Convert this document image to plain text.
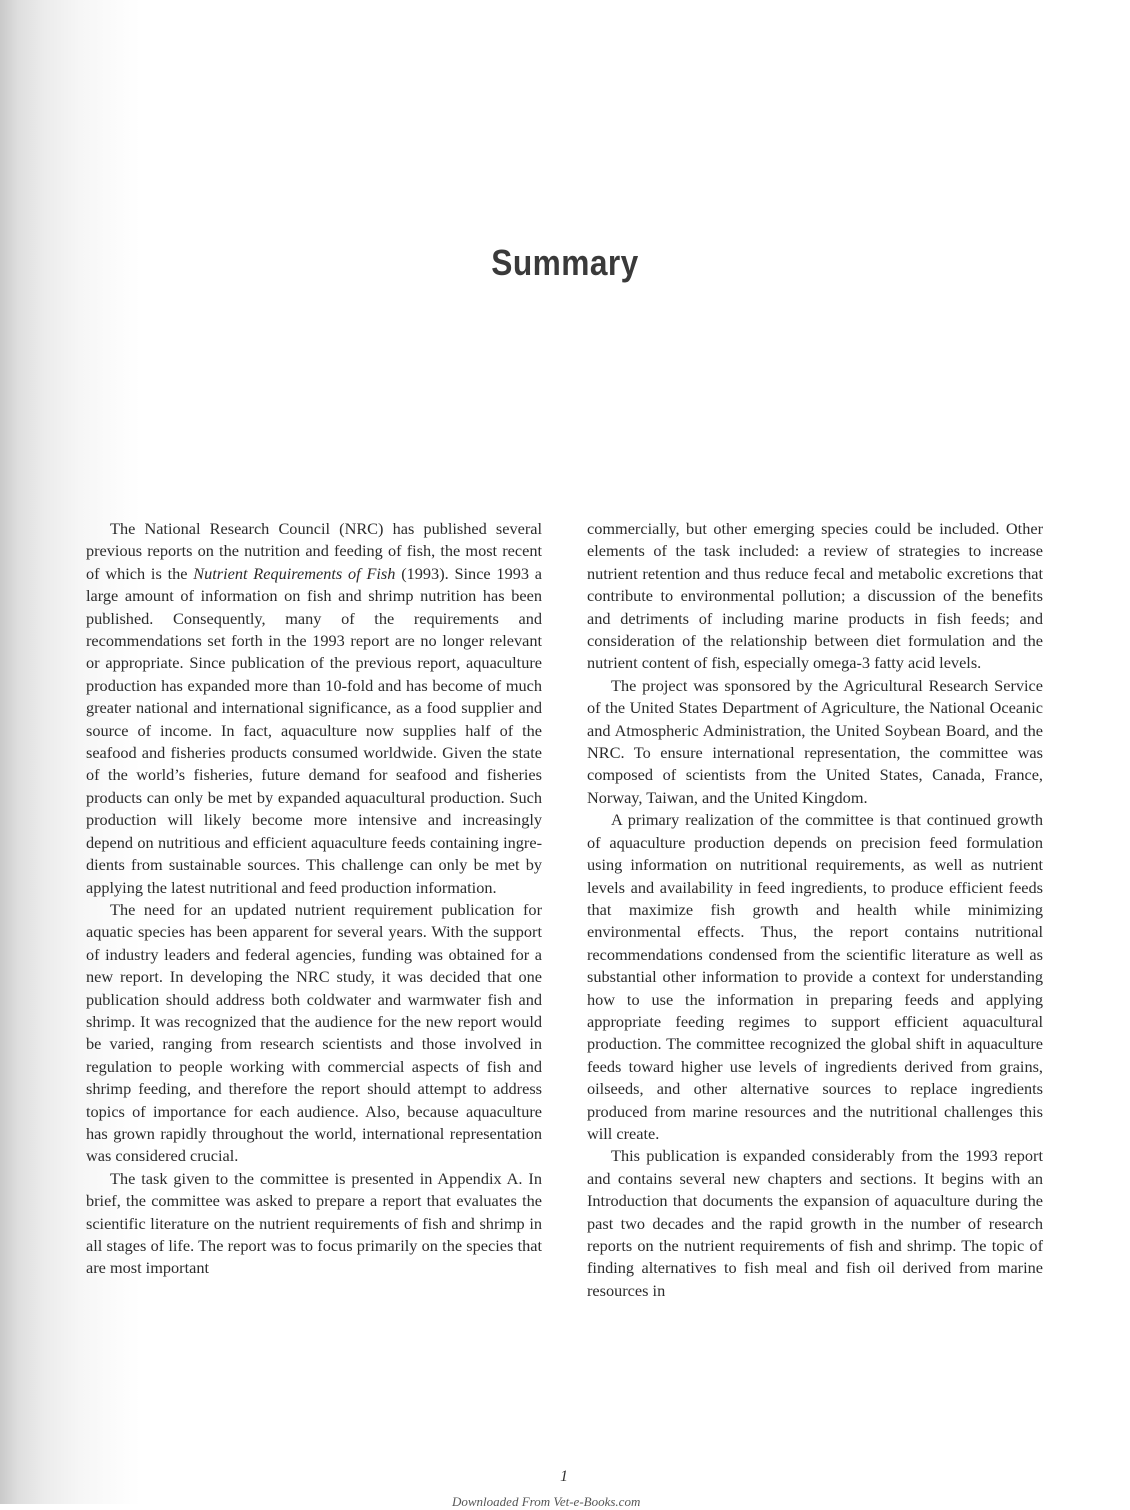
Summary

The National Research Council (NRC) has published several previous reports on the nutrition and feeding of fish, the most recent of which is the Nutrient Requirements of Fish (1993). Since 1993 a large amount of information on fish and shrimp nutrition has been published. Consequently, many of the requirements and recommendations set forth in the 1993 report are no longer relevant or appropriate. Since publication of the previous report, aquaculture production has expanded more than 10-fold and has become of much greater national and international significance, as a food supplier and source of income. In fact, aquaculture now supplies half of the seafood and fisheries products consumed worldwide. Given the state of the world’s fisheries, future demand for seafood and fisheries products can only be met by expanded aquacultural production. Such production will likely become more intensive and increasingly depend on nutritious and efficient aquaculture feeds containing ingredients from sustainable sources. This challenge can only be met by applying the latest nutritional and feed production information.

The need for an updated nutrient requirement publication for aquatic species has been apparent for several years. With the support of industry leaders and federal agencies, funding was obtained for a new report. In developing the NRC study, it was decided that one publication should address both coldwater and warmwater fish and shrimp. It was recognized that the audience for the new report would be varied, ranging from research scientists and those involved in regulation to people working with commercial aspects of fish and shrimp feeding, and therefore the report should attempt to address topics of importance for each audience. Also, because aquaculture has grown rapidly throughout the world, international representation was considered crucial.

The task given to the committee is presented in Appendix A. In brief, the committee was asked to prepare a report that evaluates the scientific literature on the nutrient requirements of fish and shrimp in all stages of life. The report was to focus primarily on the species that are most important

commercially, but other emerging species could be included. Other elements of the task included: a review of strategies to increase nutrient retention and thus reduce fecal and metabolic excretions that contribute to environmental pollution; a discussion of the benefits and detriments of including marine products in fish feeds; and consideration of the relationship between diet formulation and the nutrient content of fish, especially omega-3 fatty acid levels.

The project was sponsored by the Agricultural Research Service of the United States Department of Agriculture, the National Oceanic and Atmospheric Administration, the United Soybean Board, and the NRC. To ensure international representation, the committee was composed of scientists from the United States, Canada, France, Norway, Taiwan, and the United Kingdom.

A primary realization of the committee is that continued growth of aquaculture production depends on precision feed formulation using information on nutritional requirements, as well as nutrient levels and availability in feed ingredients, to produce efficient feeds that maximize fish growth and health while minimizing environmental effects. Thus, the report contains nutritional recommendations condensed from the scientific literature as well as substantial other information to provide a context for understanding how to use the information in preparing feeds and applying appropriate feeding regimes to support efficient aquacultural production. The committee recognized the global shift in aquaculture feeds toward higher use levels of ingredients derived from grains, oilseeds, and other alternative sources to replace ingredients produced from marine resources and the nutritional challenges this will create.

This publication is expanded considerably from the 1993 report and contains several new chapters and sections. It begins with an Introduction that documents the expansion of aquaculture during the past two decades and the rapid growth in the number of research reports on the nutrient requirements of fish and shrimp. The topic of finding alternatives to fish meal and fish oil derived from marine resources in

1
Downloaded From Vet-e-Books.com
